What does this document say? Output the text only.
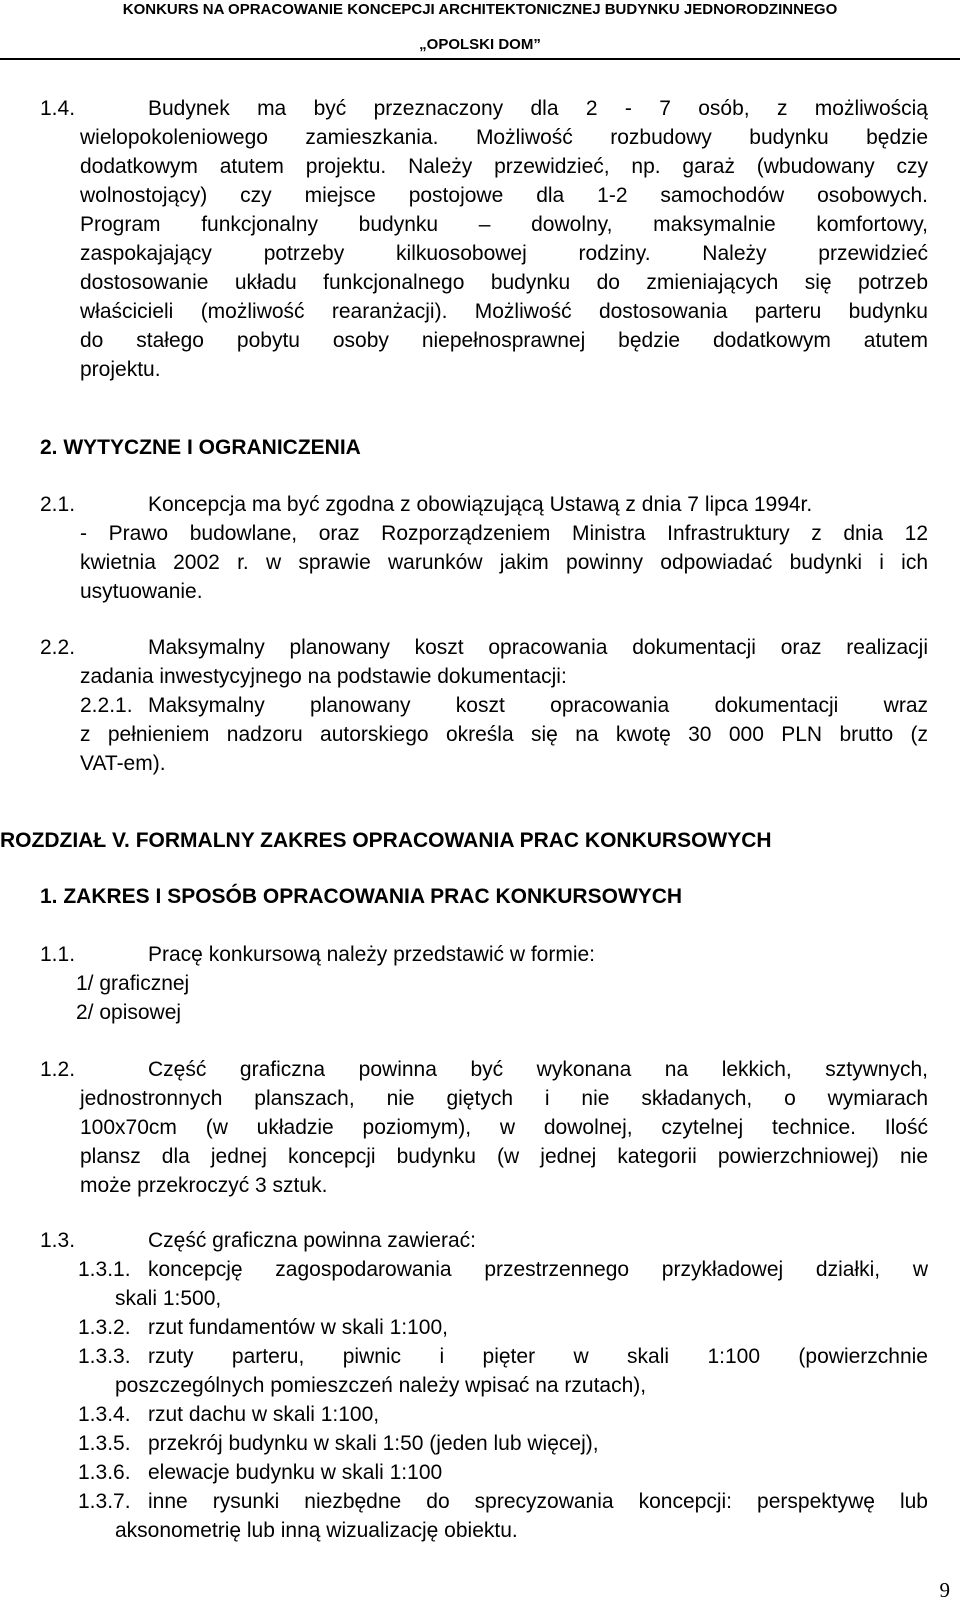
KONKURS NA OPRACOWANIE KONCEPCJI ARCHITEKTONICZNEJ BUDYNKU JEDNORODZINNEGO
„OPOLSKI DOM”
1.4.	Budynek ma być przeznaczony dla 2 - 7 osób, z możliwością
wielopokoleniowego zamieszkania. Możliwość rozbudowy budynku będzie
dodatkowym atutem projektu. Należy przewidzieć, np. garaż (wbudowany czy
wolnostojący) czy miejsce postojowe dla 1-2 samochodów osobowych.
Program funkcjonalny budynku – dowolny, maksymalnie komfortowy,
zaspokajający potrzeby kilkuosobowej rodziny. Należy przewidzieć
dostosowanie układu funkcjonalnego budynku do zmieniających się potrzeb
właścicieli (możliwość rearanżacji). Możliwość dostosowania parteru budynku
do stałego pobytu osoby niepełnosprawnej będzie dodatkowym atutem
projektu.
2. WYTYCZNE I OGRANICZENIA
2.1.	Koncepcja ma być zgodna z obowiązującą Ustawą z dnia 7 lipca 1994r.
- Prawo budowlane, oraz Rozporządzeniem Ministra Infrastruktury z dnia 12
kwietnia 2002 r. w sprawie warunków jakim powinny odpowiadać budynki i ich
usytuowanie.
2.2.	Maksymalny planowany koszt opracowania dokumentacji oraz realizacji
zadania inwestycyjnego na podstawie dokumentacji:
2.2.1. Maksymalny planowany koszt opracowania dokumentacji wraz
z pełnieniem nadzoru autorskiego określa się na kwotę 30 000 PLN brutto (z
VAT-em).
ROZDZIAŁ V. FORMALNY ZAKRES OPRACOWANIA PRAC KONKURSOWYCH
1. ZAKRES I SPOSÓB OPRACOWANIA PRAC KONKURSOWYCH
1.1.	Pracę konkursową należy przedstawić w formie:
1/ graficznej
2/ opisowej
1.2.	Część graficzna powinna być wykonana na lekkich, sztywnych,
jednostronnych planszach, nie giętych i nie składanych, o wymiarach
100x70cm (w układzie poziomym), w dowolnej, czytelnej technice. Ilość
plansz dla jednej koncepcji budynku (w jednej kategorii powierzchniowej) nie
może przekroczyć 3 sztuk.
1.3.	Część graficzna powinna zawierać:
1.3.1. koncepcję zagospodarowania przestrzennego przykładowej działki, w
skali 1:500,
1.3.2. rzut fundamentów w skali 1:100,
1.3.3. rzuty parteru, piwnic i pięter w skali 1:100 (powierzchnie
poszczególnych pomieszczeń należy wpisać na rzutach),
1.3.4. rzut dachu w skali 1:100,
1.3.5. przekrój budynku w skali 1:50 (jeden lub więcej),
1.3.6. elewacje budynku w skali 1:100
1.3.7. inne rysunki niezbędne do sprecyzowania koncepcji: perspektywę lub
aksonometrię lub inną wizualizację obiektu.
9
